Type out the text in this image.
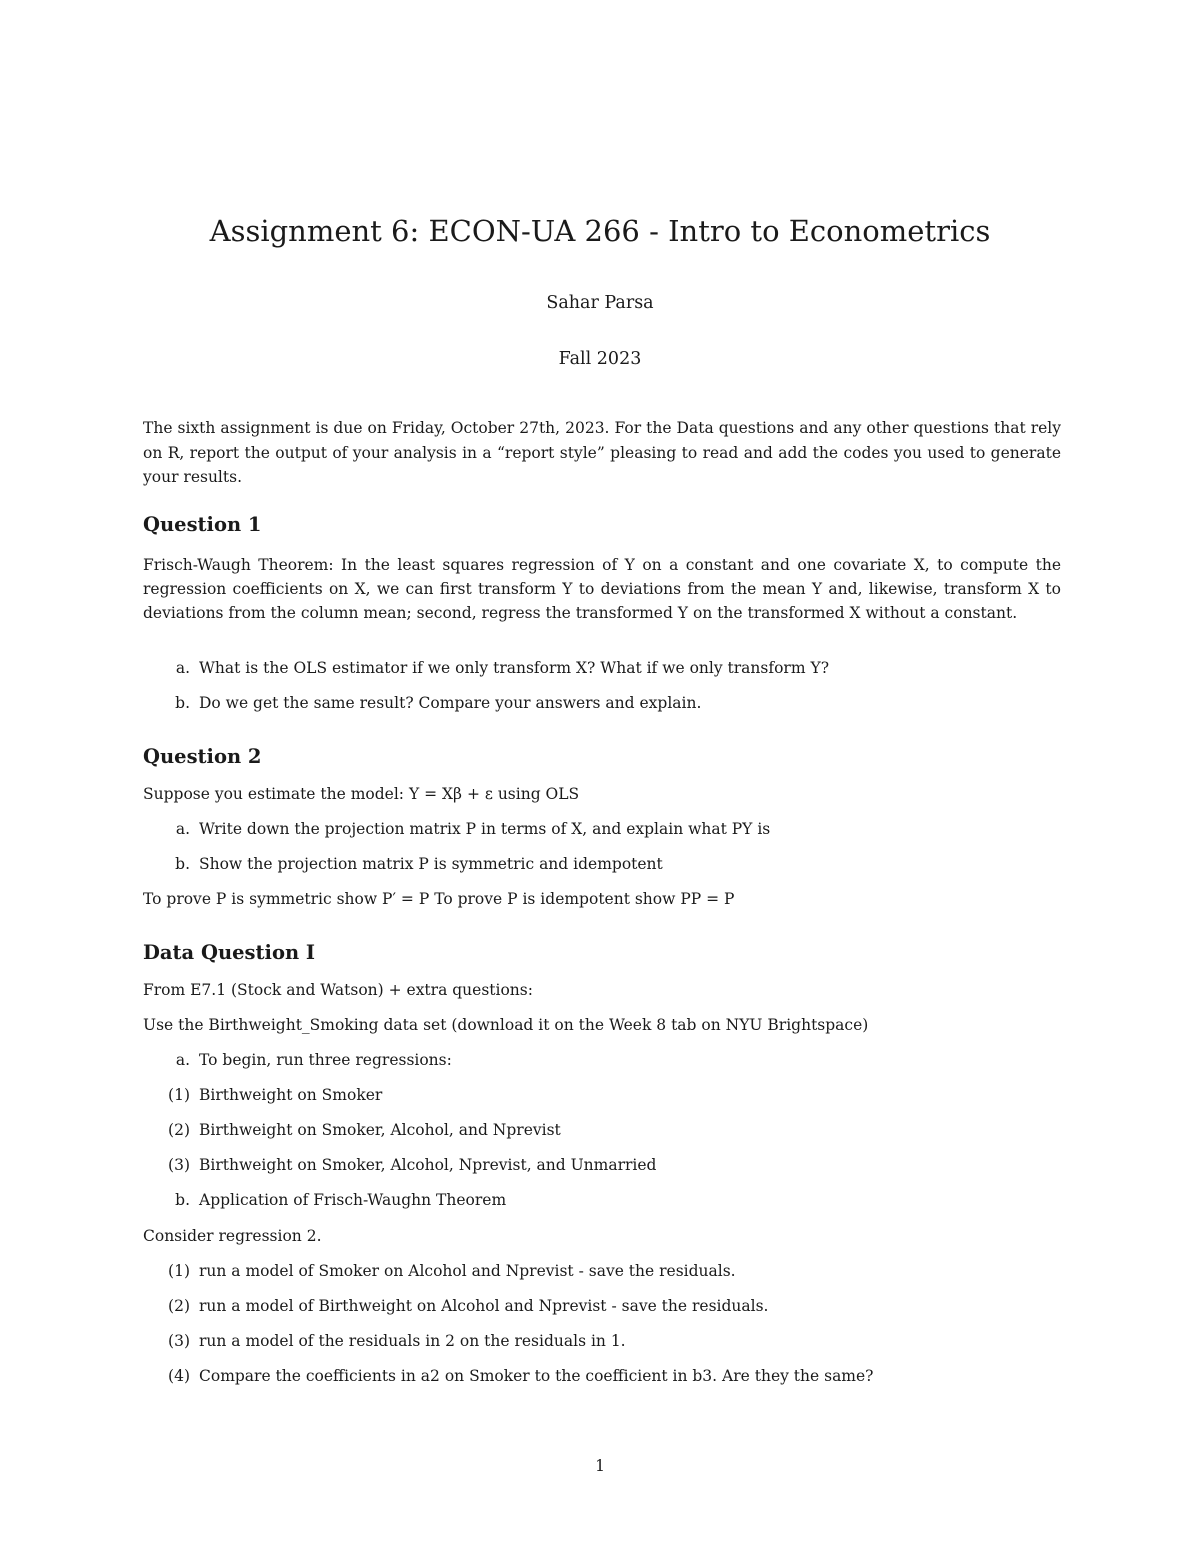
Assignment 6: ECON-UA 266 - Intro to Econometrics
Sahar Parsa
Fall 2023
The sixth assignment is due on Friday, October 27th, 2023. For the Data questions and any other questions that rely on R, report the output of your analysis in a “report style” pleasing to read and add the codes you used to generate your results.
Question 1
Frisch-Waugh Theorem: In the least squares regression of Y on a constant and one covariate X, to compute the regression coefficients on X, we can first transform Y to deviations from the mean Y and, likewise, transform X to deviations from the column mean; second, regress the transformed Y on the transformed X without a constant.
a. What is the OLS estimator if we only transform X? What if we only transform Y?
b. Do we get the same result? Compare your answers and explain.
Question 2
Suppose you estimate the model: Y = Xβ + ε using OLS
a. Write down the projection matrix P in terms of X, and explain what PY is
b. Show the projection matrix P is symmetric and idempotent
To prove P is symmetric show P′ = P To prove P is idempotent show PP = P
Data Question I
From E7.1 (Stock and Watson) + extra questions:
Use the Birthweight_Smoking data set (download it on the Week 8 tab on NYU Brightspace)
a. To begin, run three regressions:
(1) Birthweight on Smoker
(2) Birthweight on Smoker, Alcohol, and Nprevist
(3) Birthweight on Smoker, Alcohol, Nprevist, and Unmarried
b. Application of Frisch-Waughn Theorem
Consider regression 2.
(1) run a model of Smoker on Alcohol and Nprevist - save the residuals.
(2) run a model of Birthweight on Alcohol and Nprevist - save the residuals.
(3) run a model of the residuals in 2 on the residuals in 1.
(4) Compare the coefficients in a2 on Smoker to the coefficient in b3. Are they the same?
1
